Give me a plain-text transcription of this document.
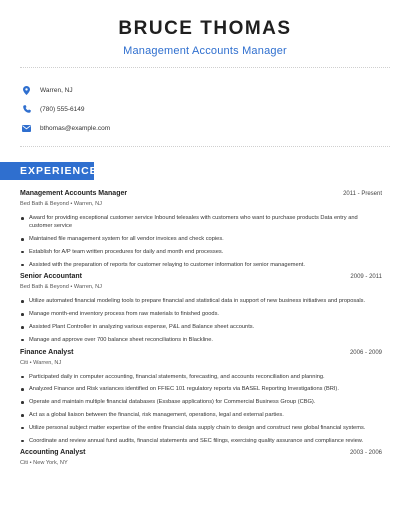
BRUCE THOMAS
Management Accounts Manager
Warren, NJ
(780) 555-6149
bthomas@example.com
EXPERIENCE
Management Accounts Manager	2011 - Present
Bed Bath & Beyond • Warren, NJ
Award for providing exceptional customer service Inbound telesales with customers who want to purchase products Data entry and customer service
Maintained file management system for all vendor invoices and check copies.
Establish for A/P team written procedures for daily and month end processes.
Assisted with the preparation of reports for customer relaying to customer information for senior management.
Senior Accountant	2009 - 2011
Bed Bath & Beyond • Warren, NJ
Utilize automated financial modeling tools to prepare financial and statistical data in support of new business initiatives and proposals.
Manage month-end inventory process from raw materials to finished goods.
Assisted Plant Controller in analyzing various expense, P&L and Balance sheet accounts.
Manage and approve over 700 balance sheet reconciliations in Blackline.
Finance Analyst	2006 - 2009
Citi • Warren, NJ
Participated daily in computer accounting, financial statements, forecasting, and accounts reconciliation and planning.
Analyzed Finance and Risk variances identified on FFIEC 101 regulatory reports via BASEL Reporting Investigations (BRI).
Operate and maintain multiple financial databases (Essbase applications) for Commercial Business Group (CBG).
Act as a global liaison between the financial, risk management, operations, legal and external parties.
Utilize personal subject matter expertise of the entire financial data supply chain to design and construct new global financial systems.
Coordinate and review annual fund audits, financial statements and SEC filings, exercising quality assurance and compliance review.
Accounting Analyst	2003 - 2006
Citi • New York, NY
